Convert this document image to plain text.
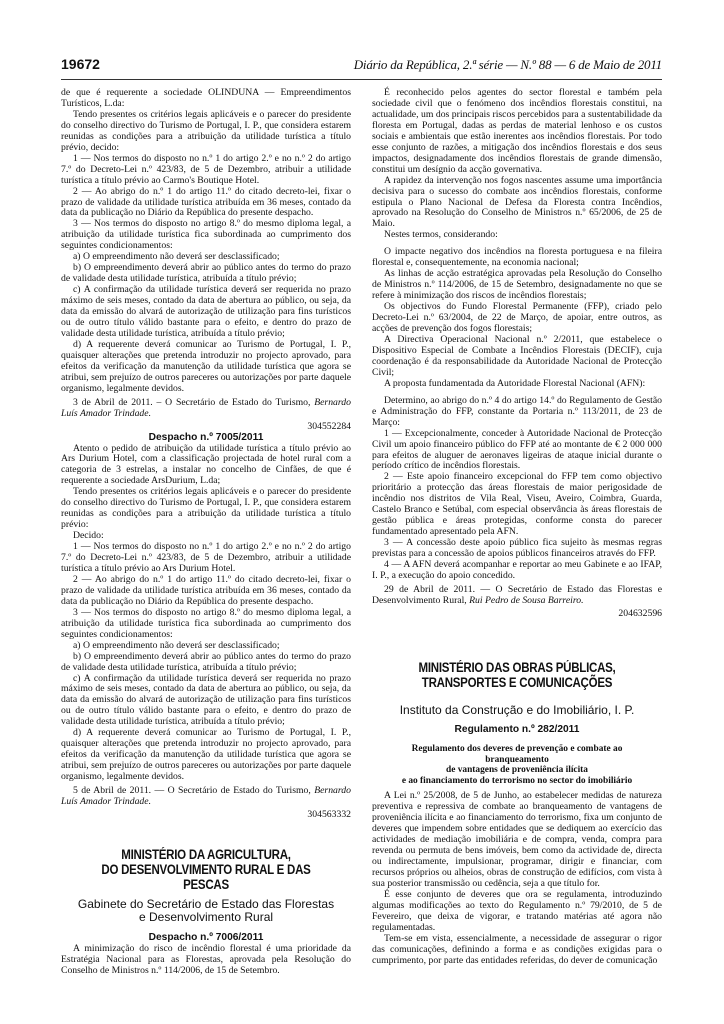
19672	Diário da República, 2.ª série — N.º 88 — 6 de Maio de 2011

de que é requerente a sociedade OLINDUNA — Empreendimentos Turísticos, L.da:

Tendo presentes os critérios legais aplicáveis e o parecer do presidente do conselho directivo do Turismo de Portugal, I. P., que considera estarem reunidas as condições para a atribuição da utilidade turística a título prévio, decido:

1 — Nos termos do disposto no n.º 1 do artigo 2.º e no n.º 2 do artigo 7.º do Decreto-Lei n.º 423/83, de 5 de Dezembro, atribuir a utilidade turística a título prévio ao Carmo's Boutique Hotel.

2 — Ao abrigo do n.º 1 do artigo 11.º do citado decreto-lei, fixar o prazo de validade da utilidade turística atribuída em 36 meses, contado da data da publicação no Diário da República do presente despacho.

3 — Nos termos do disposto no artigo 8.º do mesmo diploma legal, a atribuição da utilidade turística fica subordinada ao cumprimento dos seguintes condicionamentos:

a) O empreendimento não deverá ser desclassificado;

b) O empreendimento deverá abrir ao público antes do termo do prazo de validade desta utilidade turística, atribuída a título prévio;

c) A confirmação da utilidade turística deverá ser requerida no prazo máximo de seis meses, contado da data de abertura ao público, ou seja, da data da emissão do alvará de autorização de utilização para fins turísticos ou de outro título válido bastante para o efeito, e dentro do prazo de validade desta utilidade turística, atribuída a título prévio;

d) A requerente deverá comunicar ao Turismo de Portugal, I. P., quaisquer alterações que pretenda introduzir no projecto aprovado, para efeitos da verificação da manutenção da utilidade turística que agora se atribui, sem prejuízo de outros pareceres ou autorizações por parte daquele organismo, legalmente devidos.

3 de Abril de 2011. – O Secretário de Estado do Turismo, Bernardo Luís Amador Trindade.

304552284

Despacho n.º 7005/2011

Atento o pedido de atribuição da utilidade turística a título prévio ao Ars Durium Hotel, com a classificação projectada de hotel rural com a categoria de 3 estrelas, a instalar no concelho de Cinfães, de que é requerente a sociedade ArsDurium, L.da;

Tendo presentes os critérios legais aplicáveis e o parecer do presidente do conselho directivo do Turismo de Portugal, I. P., que considera estarem reunidas as condições para a atribuição da utilidade turística a título prévio:

Decido:

1 — Nos termos do disposto no n.º 1 do artigo 2.º e no n.º 2 do artigo 7.º do Decreto-Lei n.º 423/83, de 5 de Dezembro, atribuir a utilidade turística a título prévio ao Ars Durium Hotel.

2 — Ao abrigo do n.º 1 do artigo 11.º do citado decreto-lei, fixar o prazo de validade da utilidade turística atribuída em 36 meses, contado da data da publicação no Diário da República do presente despacho.

3 — Nos termos do disposto no artigo 8.º do mesmo diploma legal, a atribuição da utilidade turística fica subordinada ao cumprimento dos seguintes condicionamentos:

a) O empreendimento não deverá ser desclassificado;

b) O empreendimento deverá abrir ao público antes do termo do prazo de validade desta utilidade turística, atribuída a título prévio;

c) A confirmação da utilidade turística deverá ser requerida no prazo máximo de seis meses, contado da data de abertura ao público, ou seja, da data da emissão do alvará de autorização de utilização para fins turísticos ou de outro título válido bastante para o efeito, e dentro do prazo de validade desta utilidade turística, atribuída a título prévio;

d) A requerente deverá comunicar ao Turismo de Portugal, I. P., quaisquer alterações que pretenda introduzir no projecto aprovado, para efeitos da verificação da manutenção da utilidade turística que agora se atribui, sem prejuízo de outros pareceres ou autorizações por parte daquele organismo, legalmente devidos.

5 de Abril de 2011. — O Secretário de Estado do Turismo, Bernardo Luís Amador Trindade.

304563332

MINISTÉRIO DA AGRICULTURA,
DO DESENVOLVIMENTO RURAL E DAS PESCAS
Gabinete do Secretário de Estado das Florestas
e Desenvolvimento Rural

Despacho n.º 7006/2011

A minimização do risco de incêndio florestal é uma prioridade da Estratégia Nacional para as Florestas, aprovada pela Resolução do Conselho de Ministros n.º 114/2006, de 15 de Setembro.

É reconhecido pelos agentes do sector florestal e também pela sociedade civil que o fenómeno dos incêndios florestais constitui, na actualidade, um dos principais riscos percebidos para a sustentabilidade da floresta em Portugal, dadas as perdas de material lenhoso e os custos sociais e ambientais que estão inerentes aos incêndios florestais. Por todo esse conjunto de razões, a mitigação dos incêndios florestais e dos seus impactos, designadamente dos incêndios florestais de grande dimensão, constitui um desígnio da acção governativa.

A rapidez da intervenção nos fogos nascentes assume uma importância decisiva para o sucesso do combate aos incêndios florestais, conforme estipula o Plano Nacional de Defesa da Floresta contra Incêndios, aprovado na Resolução do Conselho de Ministros n.º 65/2006, de 25 de Maio.

Nestes termos, considerando:

O impacte negativo dos incêndios na floresta portuguesa e na fileira florestal e, consequentemente, na economia nacional;

As linhas de acção estratégica aprovadas pela Resolução do Conselho de Ministros n.º 114/2006, de 15 de Setembro, designadamente no que se refere à minimização dos riscos de incêndios florestais;

Os objectivos do Fundo Florestal Permanente (FFP), criado pelo Decreto-Lei n.º 63/2004, de 22 de Março, de apoiar, entre outros, as acções de prevenção dos fogos florestais;

A Directiva Operacional Nacional n.º 2/2011, que estabelece o Dispositivo Especial de Combate a Incêndios Florestais (DECIF), cuja coordenação é da responsabilidade da Autoridade Nacional de Protecção Civil;

A proposta fundamentada da Autoridade Florestal Nacional (AFN):

Determino, ao abrigo do n.º 4 do artigo 14.º do Regulamento de Gestão e Administração do FFP, constante da Portaria n.º 113/2011, de 23 de Março:

1 — Excepcionalmente, conceder à Autoridade Nacional de Protecção Civil um apoio financeiro público do FFP até ao montante de € 2 000 000 para efeitos de aluguer de aeronaves ligeiras de ataque inicial durante o período crítico de incêndios florestais.

2 — Este apoio financeiro excepcional do FFP tem como objectivo prioritário a protecção das áreas florestais de maior perigosidade de incêndio nos distritos de Vila Real, Viseu, Aveiro, Coimbra, Guarda, Castelo Branco e Setúbal, com especial observância às áreas florestais de gestão pública e áreas protegidas, conforme consta do parecer fundamentado apresentado pela AFN.

3 — A concessão deste apoio público fica sujeito às mesmas regras previstas para a concessão de apoios públicos financeiros através do FFP.

4 — A AFN deverá acompanhar e reportar ao meu Gabinete e ao IFAP, I. P., a execução do apoio concedido.

29 de Abril de 2011. — O Secretário de Estado das Florestas e Desenvolvimento Rural, Rui Pedro de Sousa Barreiro.

204632596

MINISTÉRIO DAS OBRAS PÚBLICAS,
TRANSPORTES E COMUNICAÇÕES
Instituto da Construção e do Imobiliário, I. P.

Regulamento n.º 282/2011

Regulamento dos deveres de prevenção e combate ao branqueamento
de vantagens de proveniência ilícita
e ao financiamento do terrorismo no sector do imobiliário

A Lei n.º 25/2008, de 5 de Junho, ao estabelecer medidas de natureza preventiva e repressiva de combate ao branqueamento de vantagens de proveniência ilícita e ao financiamento do terrorismo, fixa um conjunto de deveres que impendem sobre entidades que se dediquem ao exercício das actividades de mediação imobiliária e de compra, venda, compra para revenda ou permuta de bens imóveis, bem como da actividade de, directa ou indirectamente, impulsionar, programar, dirigir e financiar, com recursos próprios ou alheios, obras de construção de edifícios, com vista à sua posterior transmissão ou cedência, seja a que título for.

É esse conjunto de deveres que ora se regulamenta, introduzindo algumas modificações ao texto do Regulamento n.º 79/2010, de 5 de Fevereiro, que deixa de vigorar, e tratando matérias até agora não regulamentadas.

Tem-se em vista, essencialmente, a necessidade de assegurar o rigor das comunicações, definindo a forma e as condições exigidas para o cumprimento, por parte das entidades referidas, do dever de comunicação
